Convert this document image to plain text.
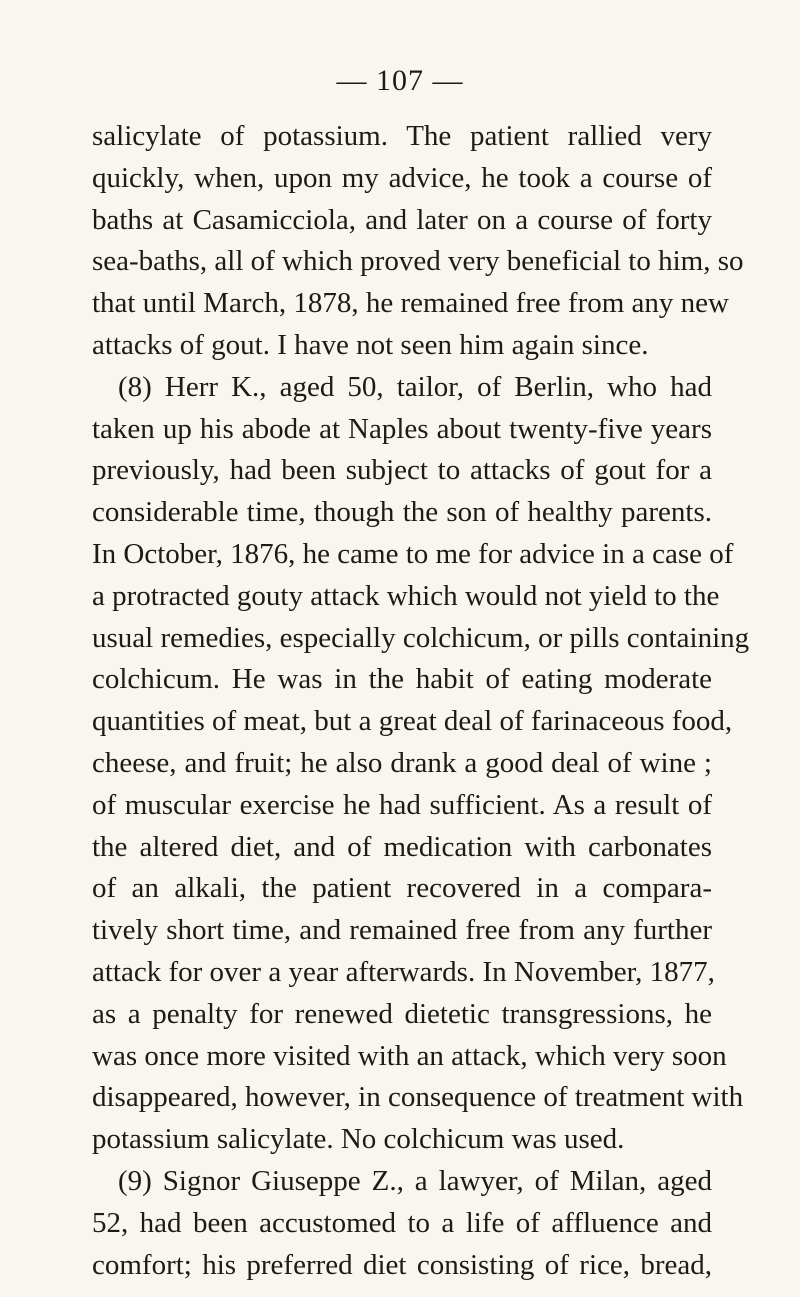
— 107 —
salicylate of potassium. The patient rallied very
quickly, when, upon my advice, he took a course of
baths at Casamicciola, and later on a course of forty
sea-baths, all of which proved very beneficial to him, so
that until March, 1878, he remained free from any new
attacks of gout. I have not seen him again since.
(8) Herr K., aged 50, tailor, of Berlin, who had
taken up his abode at Naples about twenty-five years
previously, had been subject to attacks of gout for a
considerable time, though the son of healthy parents.
In October, 1876, he came to me for advice in a case of
a protracted gouty attack which would not yield to the
usual remedies, especially colchicum, or pills containing
colchicum. He was in the habit of eating moderate
quantities of meat, but a great deal of farinaceous food,
cheese, and fruit; he also drank a good deal of wine ;
of muscular exercise he had sufficient. As a result of
the altered diet, and of medication with carbonates
of an alkali, the patient recovered in a compara-
tively short time, and remained free from any further
attack for over a year afterwards. In November, 1877,
as a penalty for renewed dietetic transgressions, he
was once more visited with an attack, which very soon
disappeared, however, in consequence of treatment with
potassium salicylate. No colchicum was used.
(9) Signor Giuseppe Z., a lawyer, of Milan, aged
52, had been accustomed to a life of affluence and
comfort; his preferred diet consisting of rice, bread,
